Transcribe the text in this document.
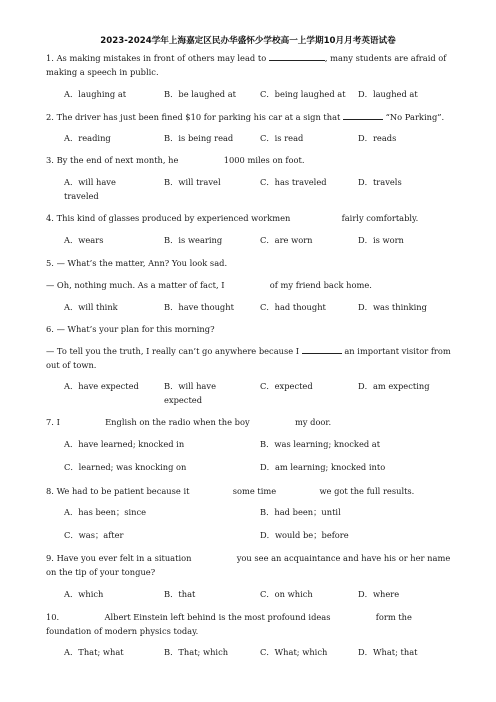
2023-2024学年上海嘉定区民办华盛怀少学校高一上学期10月月考英语试卷
1. As making mistakes in front of others may lead to	, many students are afraid of making a speech in public.
A．laughing at	B．be laughed at	C．being laughed at D．laughed at
2. The driver has just been fined $10 for parking his car at a sign that	“No Parking”.
A．reading	B．is being read	C．is read	D．reads
3. By the end of next month, he	1000 miles on foot.
A．will have traveled
B．will travel	C．has traveled	D．travels
4. This kind of glasses produced by experienced workmen	fairly comfortably.
A．wears	B．is wearing	C．are worn	D．is worn
5. — What’s the matter, Ann? You look sad.
— Oh, nothing much. As a matter of fact, I	of my friend back home.
A．will think	B．have thought	C．had thought	D．was thinking
6. — What’s your plan for this morning?
— To tell you the truth, I really can’t go anywhere because I	an important visitor from out of town.
A．have expected	B．will have expected
C．expected	D．am expecting
7. I	English on the radio when the boy	my door.
A．have learned; knocked in	B．was learning; knocked at
C．learned; was knocking on	D．am learning; knocked into
8. We had to be patient because it	some time	we got the full results.
A．has been；since	B．had been；until
C．was；after	D．would be；before
9. Have you ever felt in a situation	you see an acquaintance and have his or her name on the tip of your tongue?
A．which	B．that	C．on which	D．where
10.	Albert Einstein left behind is the most profound ideas	form the foundation of modern physics today.
A．That; what	B．That; which	C．What; which	D．What; that
